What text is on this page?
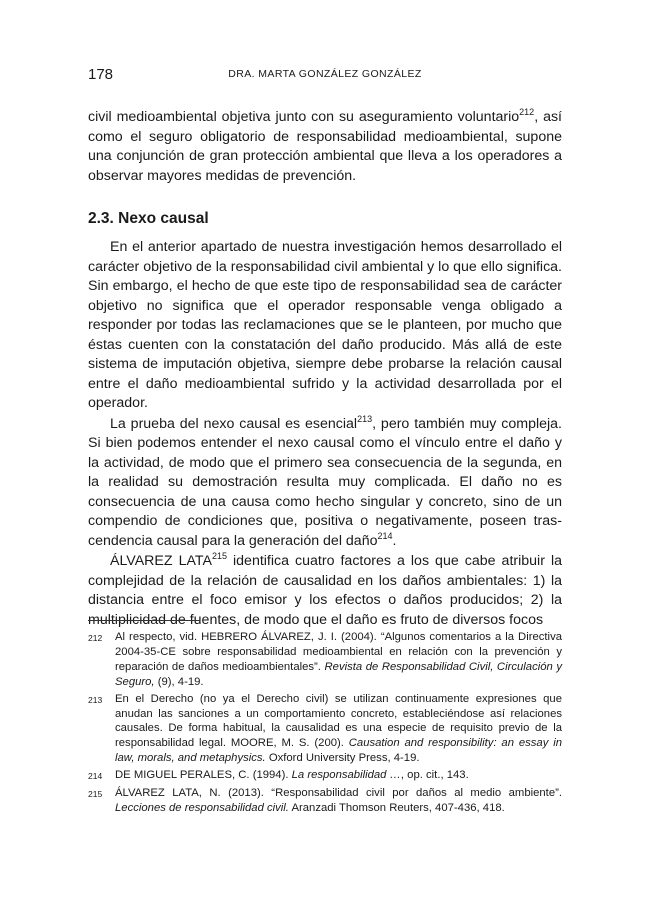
178	DRA. MARTA GONZÁLEZ GONZÁLEZ

civil medioambiental objetiva junto con su aseguramiento voluntario$^{212}$, así como el seguro obligatorio de responsabilidad medioambiental, supone una conjunción de gran protección ambiental que lleva a los operadores a observar mayores medidas de prevención.

2.3. Nexo causal

En el anterior apartado de nuestra investigación hemos desarrollado el carácter objetivo de la responsabilidad civil ambiental y lo que ello significa. Sin embargo, el hecho de que este tipo de responsabilidad sea de carácter objetivo no significa que el operador responsable venga obligado a responder por todas las reclamaciones que se le planteen, por mucho que éstas cuenten con la constatación del daño producido. Más allá de este sistema de imputación objetiva, siempre debe probarse la relación causal entre el daño medioambiental sufrido y la actividad desarrollada por el operador.

La prueba del nexo causal es esencial$^{213}$, pero también muy compleja. Si bien podemos entender el nexo causal como el vínculo entre el daño y la actividad, de modo que el primero sea consecuencia de la segunda, en la realidad su demostración resulta muy complicada. El daño no es consecuencia de una causa como hecho singular y concreto, sino de un compendio de condiciones que, positiva o negativamente, poseen trascendencia causal para la generación del daño$^{214}$.

ÁLVAREZ LATA$^{215}$ identifica cuatro factores a los que cabe atribuir la complejidad de la relación de causalidad en los daños ambientales: 1) la distancia entre el foco emisor y los efectos o daños producidos; 2) la multiplicidad de fuentes, de modo que el daño es fruto de diversos focos

212	Al respecto, vid. HEBRERO ÁLVAREZ, J. I. (2004). “Algunos comentarios a la Directiva 2004-35-CE sobre responsabilidad medioambiental en relación con la prevención y reparación de daños medioambientales”. Revista de Responsabilidad Civil, Circulación y Seguro, (9), 4-19.
213	En el Derecho (no ya el Derecho civil) se utilizan continuamente expresiones que anudan las sanciones a un comportamiento concreto, estableciéndose así relaciones causales. De forma habitual, la causalidad es una especie de requisito previo de la responsabilidad legal. MOORE, M. S. (200). Causation and responsibility: an essay in law, morals, and metaphysics. Oxford University Press, 4-19.
214	DE MIGUEL PERALES, C. (1994). La responsabilidad …, op. cit., 143.
215	ÁLVAREZ LATA, N. (2013). “Responsabilidad civil por daños al medio ambiente”. Lecciones de responsabilidad civil. Aranzadi Thomson Reuters, 407-436, 418.
